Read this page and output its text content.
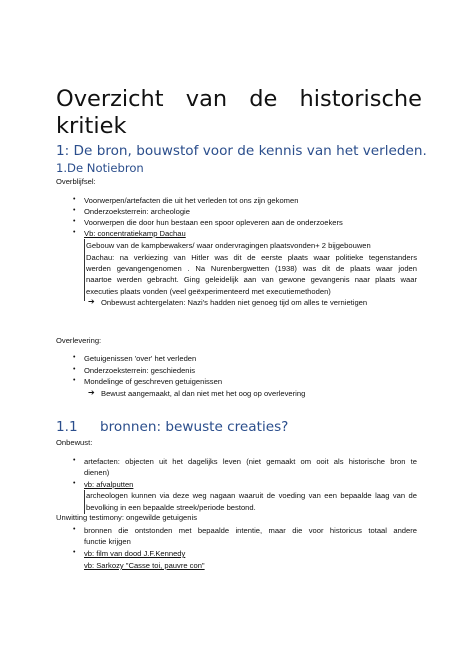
Overzicht van de historische
kritiek
1: De bron, bouwstof voor de kennis van het verleden.
1.De Notiebron
Overblijfsel:
• Voorwerpen/artefacten die uit het verleden tot ons zijn gekomen
• Onderzoeksterrein: archeologie
• Voorwerpen die door hun bestaan een spoor opleveren aan de onderzoekers
• Vb: concentratiekamp Dachau
Gebouw van de kampbewakers/ waar ondervragingen plaatsvonden+ 2 bijgebouwen
Dachau: na verkiezing van Hitler was dit de eerste plaats waar politieke tegenstanders
werden gevangengenomen . Na Nurenbergwetten (1938) was dit de plaats waar joden
naartoe werden gebracht. Ging geleidelijk aan van gewone gevangenis naar plaats waar
executies plaats vonden (veel geëxperimenteerd met executiemethoden)
➔ Onbewust achtergelaten: Nazi's hadden niet genoeg tijd om alles te vernietigen
Overlevering:
• Getuigenissen 'over' het verleden
• Onderzoeksterrein: geschiedenis
• Mondelinge of geschreven getuigenissen
➔ Bewust aangemaakt, al dan niet met het oog op overlevering
1.1 bronnen: bewuste creaties?
Onbewust:
• artefacten: objecten uit het dagelijks leven (niet gemaakt om ooit als historische bron te
dienen)
• vb: afvalputten
archeologen kunnen via deze weg nagaan waaruit de voeding van een bepaalde laag van de
bevolking in een bepaalde streek/periode bestond.
Unwitting testimony: ongewilde getuigenis
• bronnen die ontstonden met bepaalde intentie, maar die voor historicus totaal andere
functie krijgen
• vb: film van dood J.F.Kennedy
vb: Sarkozy "Casse toi, pauvre con"
